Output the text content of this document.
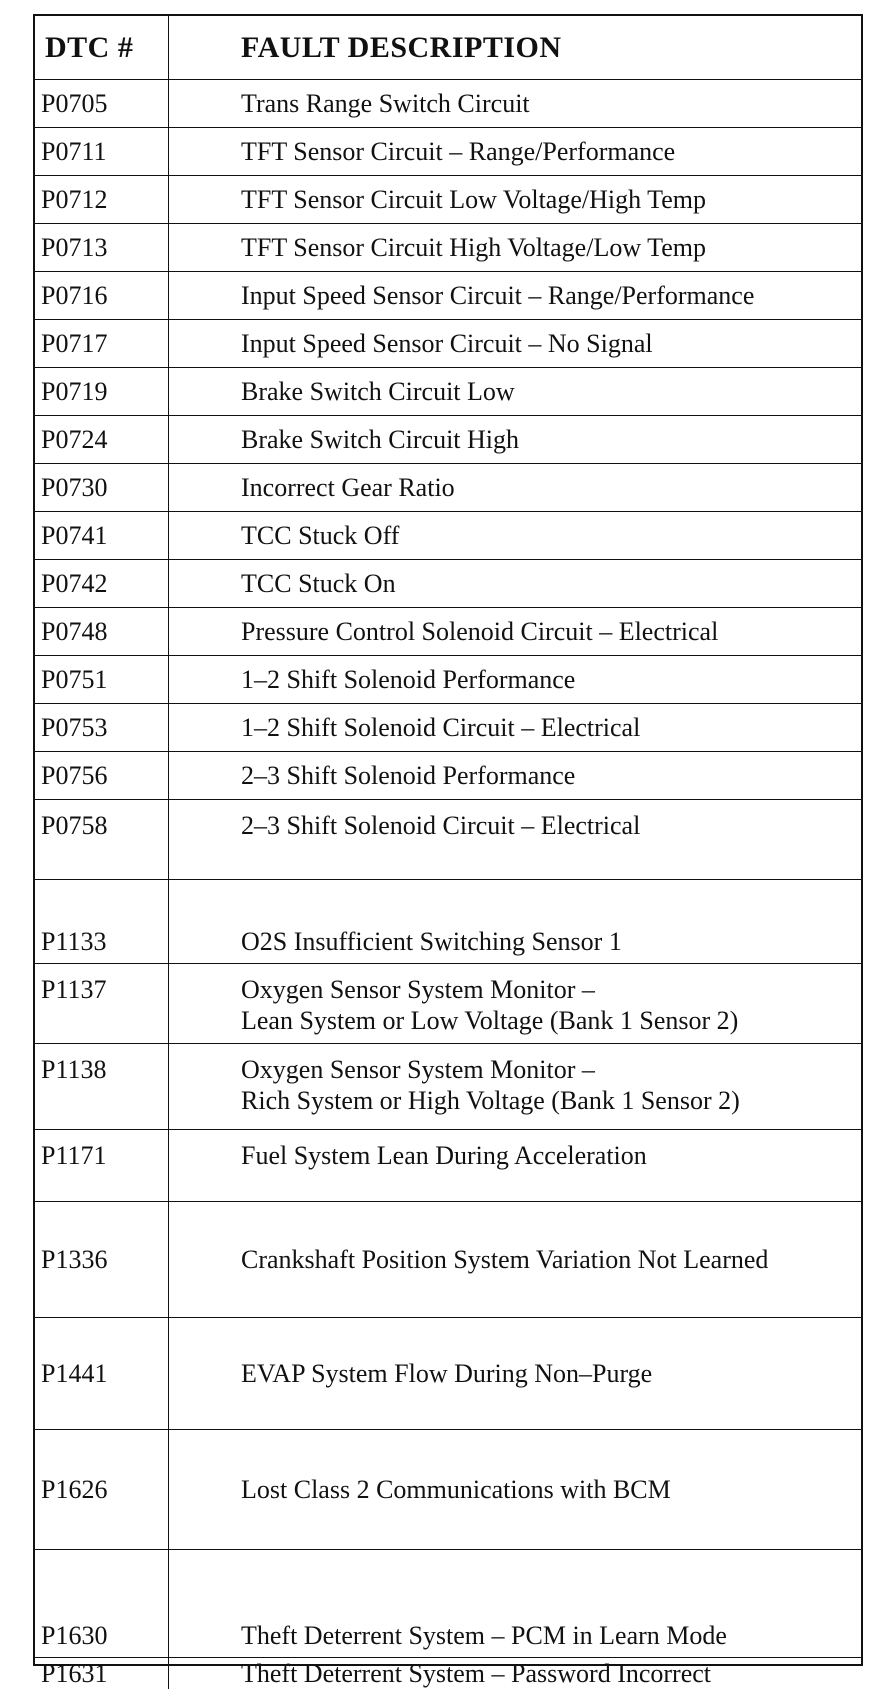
DTC #	FAULT DESCRIPTION
P0705	Trans Range Switch Circuit
P0711	TFT Sensor Circuit – Range/Performance
P0712	TFT Sensor Circuit Low Voltage/High Temp
P0713	TFT Sensor Circuit High Voltage/Low Temp
P0716	Input Speed Sensor Circuit – Range/Performance
P0717	Input Speed Sensor Circuit – No Signal
P0719	Brake Switch Circuit Low
P0724	Brake Switch Circuit High
P0730	Incorrect Gear Ratio
P0741	TCC Stuck Off
P0742	TCC Stuck On
P0748	Pressure Control Solenoid Circuit – Electrical
P0751	1–2 Shift Solenoid Performance
P0753	1–2 Shift Solenoid Circuit – Electrical
P0756	2–3 Shift Solenoid Performance
P0758	2–3 Shift Solenoid Circuit – Electrical
P1133	O2S Insufficient Switching Sensor 1
P1137	Oxygen Sensor System Monitor –
Lean System or Low Voltage (Bank 1 Sensor 2)
P1138	Oxygen Sensor System Monitor –
Rich System or High Voltage (Bank 1 Sensor 2)
P1171	Fuel System Lean During Acceleration
P1336	Crankshaft Position System Variation Not Learned
P1441	EVAP System Flow During Non–Purge
P1626	Lost Class 2 Communications with BCM
P1630	Theft Deterrent System – PCM in Learn Mode
P1631	Theft Deterrent System – Password Incorrect
